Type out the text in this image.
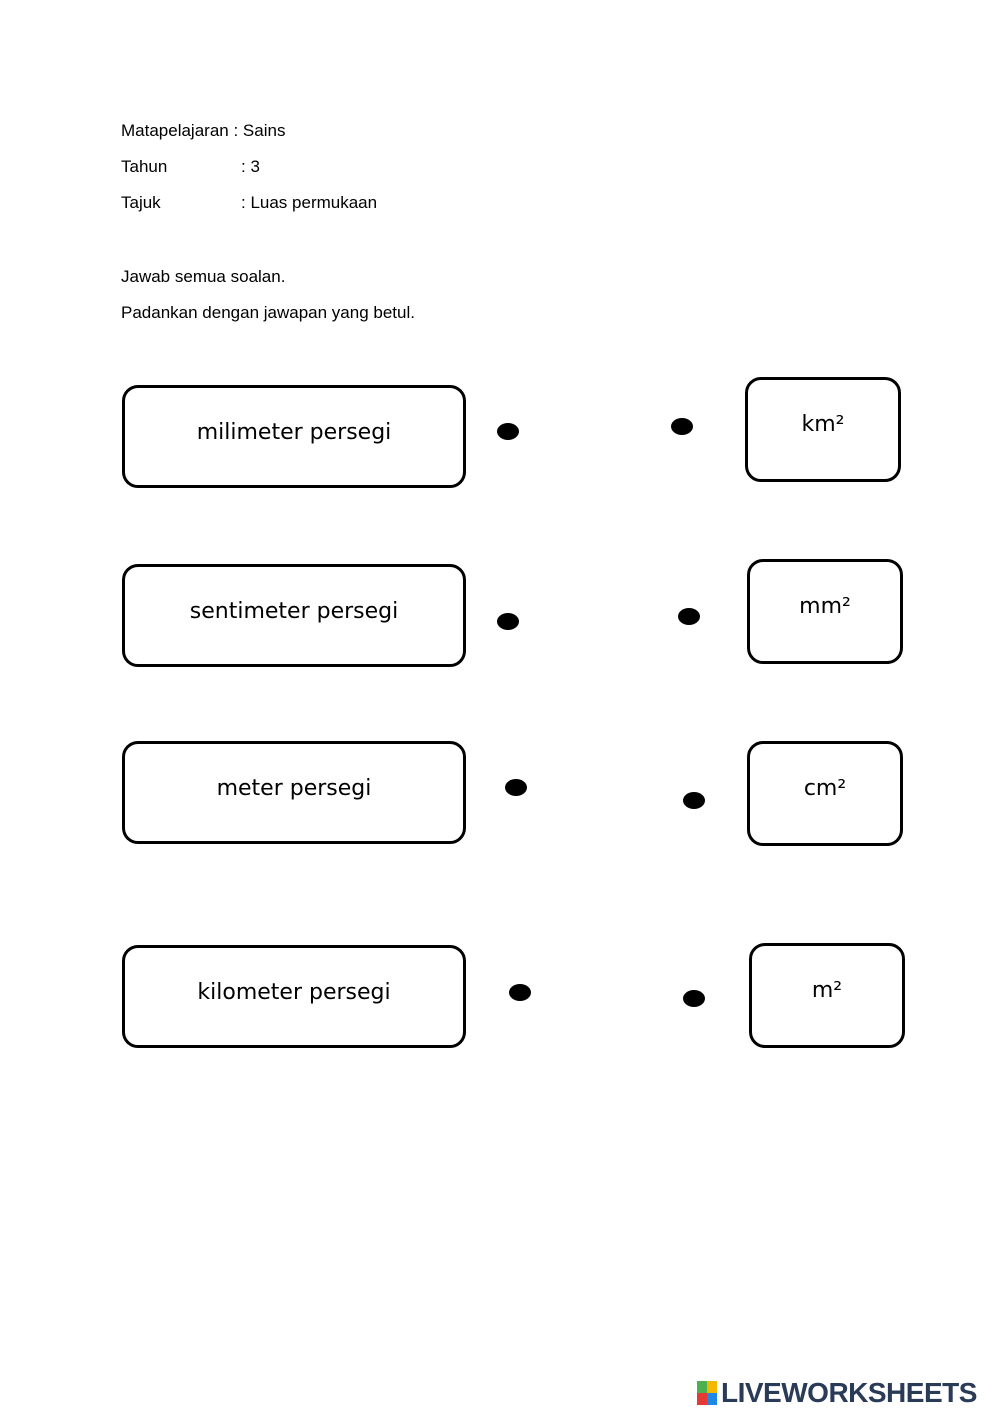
Matapelajaran : Sains
Tahun	: 3
Tajuk	: Luas permukaan
Jawab semua soalan.
Padankan dengan jawapan yang betul.
milimeter persegi
sentimeter persegi
meter persegi
kilometer persegi
km²
mm²
cm²
m²
LIVEWORKSHEETS
